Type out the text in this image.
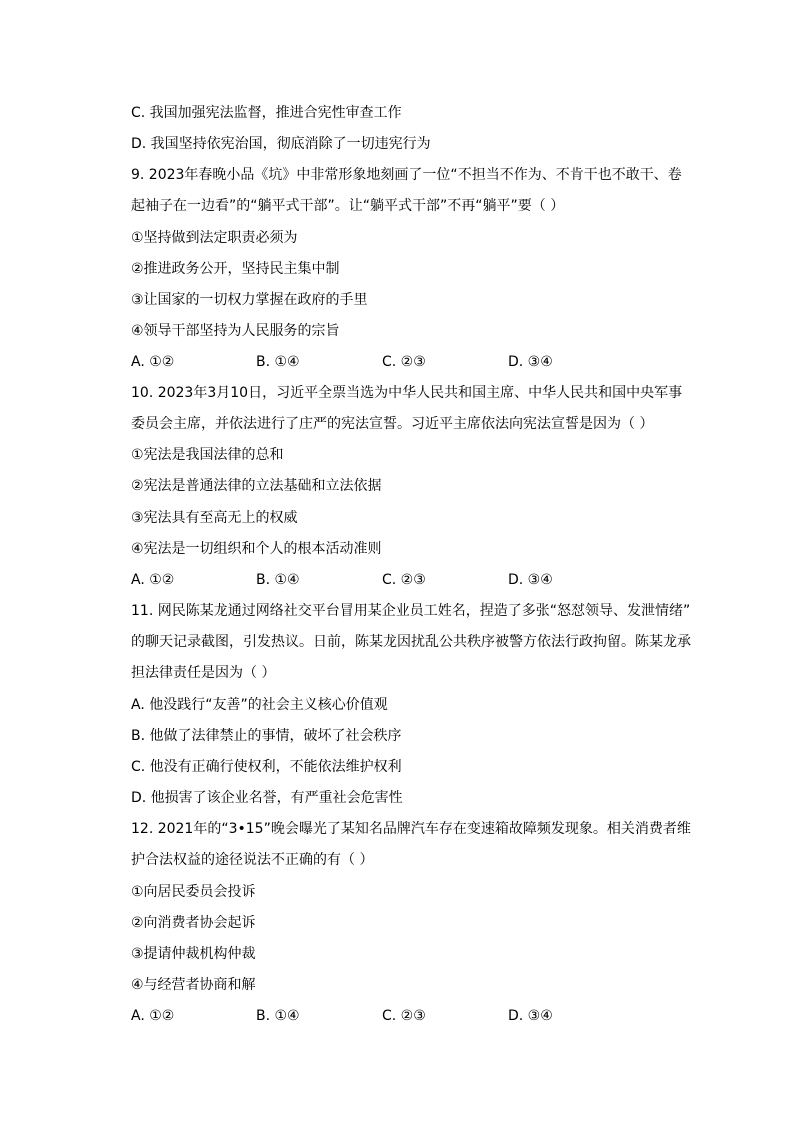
C. 我国加强宪法监督，推进合宪性审查工作
D. 我国坚持依宪治国，彻底消除了一切违宪行为
9. 2023年春晚小品《坑》中非常形象地刻画了一位“不担当不作为、不肯干也不敢干、卷
起袖子在一边看”的“躺平式干部”。让“躺平式干部”不再“躺平”要（ ）
①坚持做到法定职责必须为
②推进政务公开，坚持民主集中制
③让国家的一切权力掌握在政府的手里
④领导干部坚持为人民服务的宗旨
A. ①②	B. ①④	C. ②③	D. ③④
10. 2023年3月10日，习近平全票当选为中华人民共和国主席、中华人民共和国中央军事
委员会主席，并依法进行了庄严的宪法宣誓。习近平主席依法向宪法宣誓是因为（ ）
①宪法是我国法律的总和
②宪法是普通法律的立法基础和立法依据
③宪法具有至高无上的权威
④宪法是一切组织和个人的根本活动准则
A. ①②	B. ①④	C. ②③	D. ③④
11. 网民陈某龙通过网络社交平台冒用某企业员工姓名，捏造了多张“怒怼领导、发泄情绪”
的聊天记录截图，引发热议。日前，陈某龙因扰乱公共秩序被警方依法行政拘留。陈某龙承
担法律责任是因为（ ）
A. 他没践行“友善”的社会主义核心价值观
B. 他做了法律禁止的事情，破坏了社会秩序
C. 他没有正确行使权利，不能依法维护权利
D. 他损害了该企业名誉，有严重社会危害性
12. 2021年的“3•15”晚会曝光了某知名品牌汽车存在变速箱故障频发现象。相关消费者维
护合法权益的途径说法不正确的有（ ）
①向居民委员会投诉
②向消费者协会起诉
③提请仲裁机构仲裁
④与经营者协商和解
A. ①②	B. ①④	C. ②③	D. ③④
